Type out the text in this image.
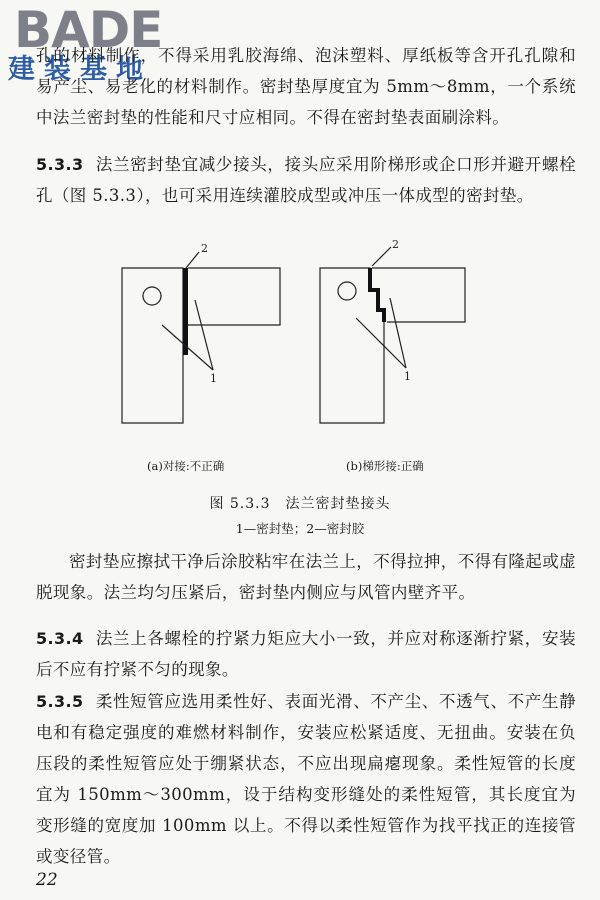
BADE
建装基地

孔的材料制作，不得采用乳胶海绵、泡沫塑料、厚纸板等含开孔孔隙和易产尘、易老化的材料制作。密封垫厚度宜为 5mm～8mm，一个系统中法兰密封垫的性能和尺寸应相同。不得在密封垫表面刷涂料。

5.3.3 法兰密封垫宜减少接头，接头应采用阶梯形或企口形并避开螺栓孔（图 5.3.3），也可采用连续灌胶成型或冲压一体成型的密封垫。

2
1
2
1
(a)对接:不正确	(b)梯形接:正确
图 5.3.3　法兰密封垫接头
1—密封垫；2—密封胶

密封垫应擦拭干净后涂胶粘牢在法兰上，不得拉抻，不得有隆起或虚脱现象。法兰均匀压紧后，密封垫内侧应与风管内壁齐平。

5.3.4 法兰上各螺栓的拧紧力矩应大小一致，并应对称逐渐拧紧，安装后不应有拧紧不匀的现象。

5.3.5 柔性短管应选用柔性好、表面光滑、不产尘、不透气、不产生静电和有稳定强度的难燃材料制作，安装应松紧适度、无扭曲。安装在负压段的柔性短管应处于绷紧状态，不应出现扁瘪现象。柔性短管的长度宜为 150mm～300mm，设于结构变形缝处的柔性短管，其长度宜为变形缝的宽度加 100mm 以上。不得以柔性短管作为找平找正的连接管或变径管。

22
